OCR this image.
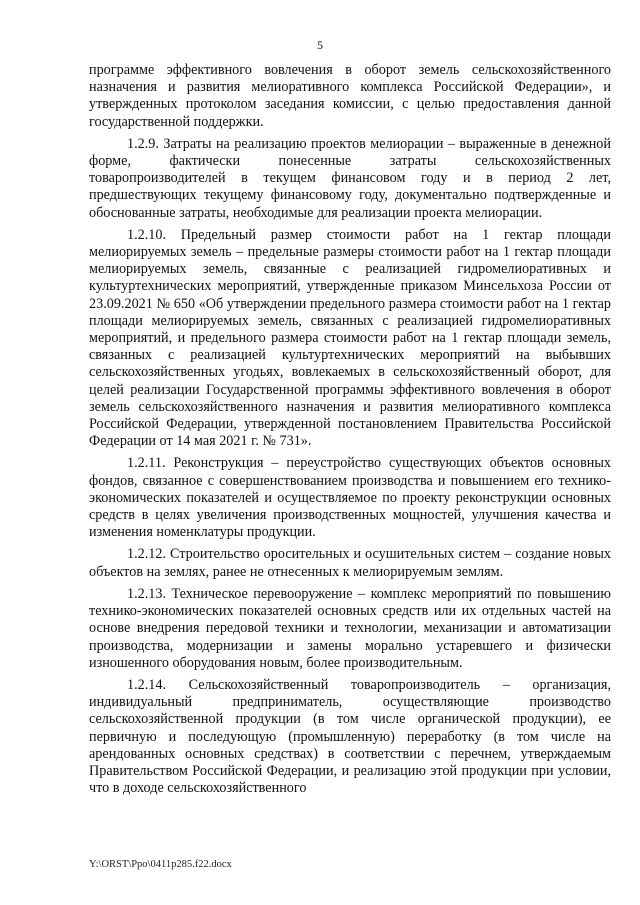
5

программе эффективного вовлечения в оборот земель сельскохозяйственного назначения и развития мелиоративного комплекса Российской Федерации», и утвержденных протоколом заседания комиссии, с целью предоставления данной государственной поддержки.

1.2.9. Затраты на реализацию проектов мелиорации – выраженные в денежной форме, фактически понесенные затраты сельскохозяйственных товаропроизводителей в текущем финансовом году и в период 2 лет, предшествующих текущему финансовому году, документально подтвержденные и обоснованные затраты, необходимые для реализации проекта мелиорации.

1.2.10. Предельный размер стоимости работ на 1 гектар площади мелиорируемых земель – предельные размеры стоимости работ на 1 гектар площади мелиорируемых земель, связанные с реализацией гидромелиоративных и культуртехнических мероприятий, утвержденные приказом Минсельхоза России от 23.09.2021 № 650 «Об утверждении предельного размера стоимости работ на 1 гектар площади мелиорируемых земель, связанных с реализацией гидромелиоративных мероприятий, и предельного размера стоимости работ на 1 гектар площади земель, связанных с реализацией культуртехнических мероприятий на выбывших сельскохозяйственных угодьях, вовлекаемых в сельскохозяйственный оборот, для целей реализации Государственной программы эффективного вовлечения в оборот земель сельскохозяйственного назначения и развития мелиоративного комплекса Российской Федерации, утвержденной постановлением Правительства Российской Федерации от 14 мая 2021 г. № 731».

1.2.11. Реконструкция – переустройство существующих объектов основных фондов, связанное с совершенствованием производства и повышением его технико-экономических показателей и осуществляемое по проекту реконструкции основных средств в целях увеличения производственных мощностей, улучшения качества и изменения номенклатуры продукции.

1.2.12. Строительство оросительных и осушительных систем – создание новых объектов на землях, ранее не отнесенных к мелиорируемым землям.

1.2.13. Техническое перевооружение – комплекс мероприятий по повышению технико-экономических показателей основных средств или их отдельных частей на основе внедрения передовой техники и технологии, механизации и автоматизации производства, модернизации и замены морально устаревшего и физически изношенного оборудования новым, более производительным.

1.2.14. Сельскохозяйственный товаропроизводитель – организация, индивидуальный предприниматель, осуществляющие производство сельскохозяйственной продукции (в том числе органической продукции), ее первичную и последующую (промышленную) переработку (в том числе на арендованных основных средствах) в соответствии с перечнем, утверждаемым Правительством Российской Федерации, и реализацию этой продукции при условии, что в доходе сельскохозяйственного

Y:\ORST\Ppo\0411p285.f22.docx
